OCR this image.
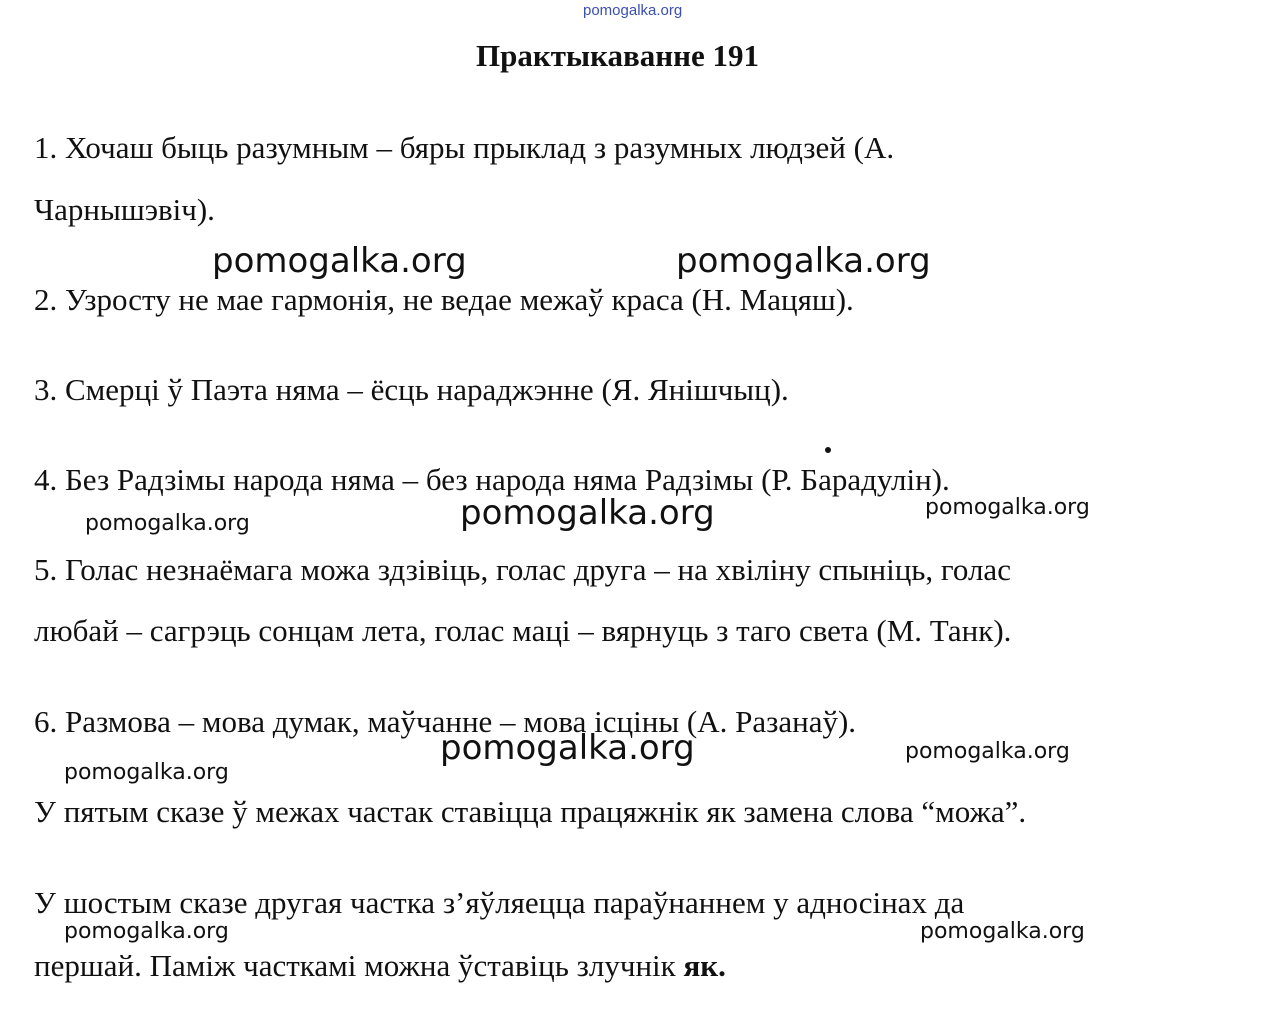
pomogalka.org
Практыкаванне 191
1. Хочаш быць разумным – бяры прыклад з разумных людзей (А.
Чарнышэвіч).
pomogalka.org	pomogalka.org
2. Узросту не мае гармонія, не ведае межаў краса (Н. Мацяш).
3. Смерці ў Паэта няма – ёсць нараджэнне (Я. Янішчыц).
4. Без Радзімы народа няма – без народа няма Радзімы (Р. Барадулін).
pomogalka.org	pomogalka.org	pomogalka.org
5. Голас незнаёмага можа здзівіць, голас друга – на хвіліну спыніць, голас
любай – сагрэць сонцам лета, голас маці – вярнуць з таго света (М. Танк).
6. Размова – мова думак, маўчанне – мова ісціны (А. Разанаў).
pomogalka.org
pomogalka.org	pomogalka.org
У пятым сказе ў межах частак ставіцца працяжнік як замена слова “можа”.
У шостым сказе другая частка з’яўляецца параўнаннем у адносінах да
pomogalka.org	pomogalka.org
першай. Паміж часткамі можна ўставіць злучнік як.
